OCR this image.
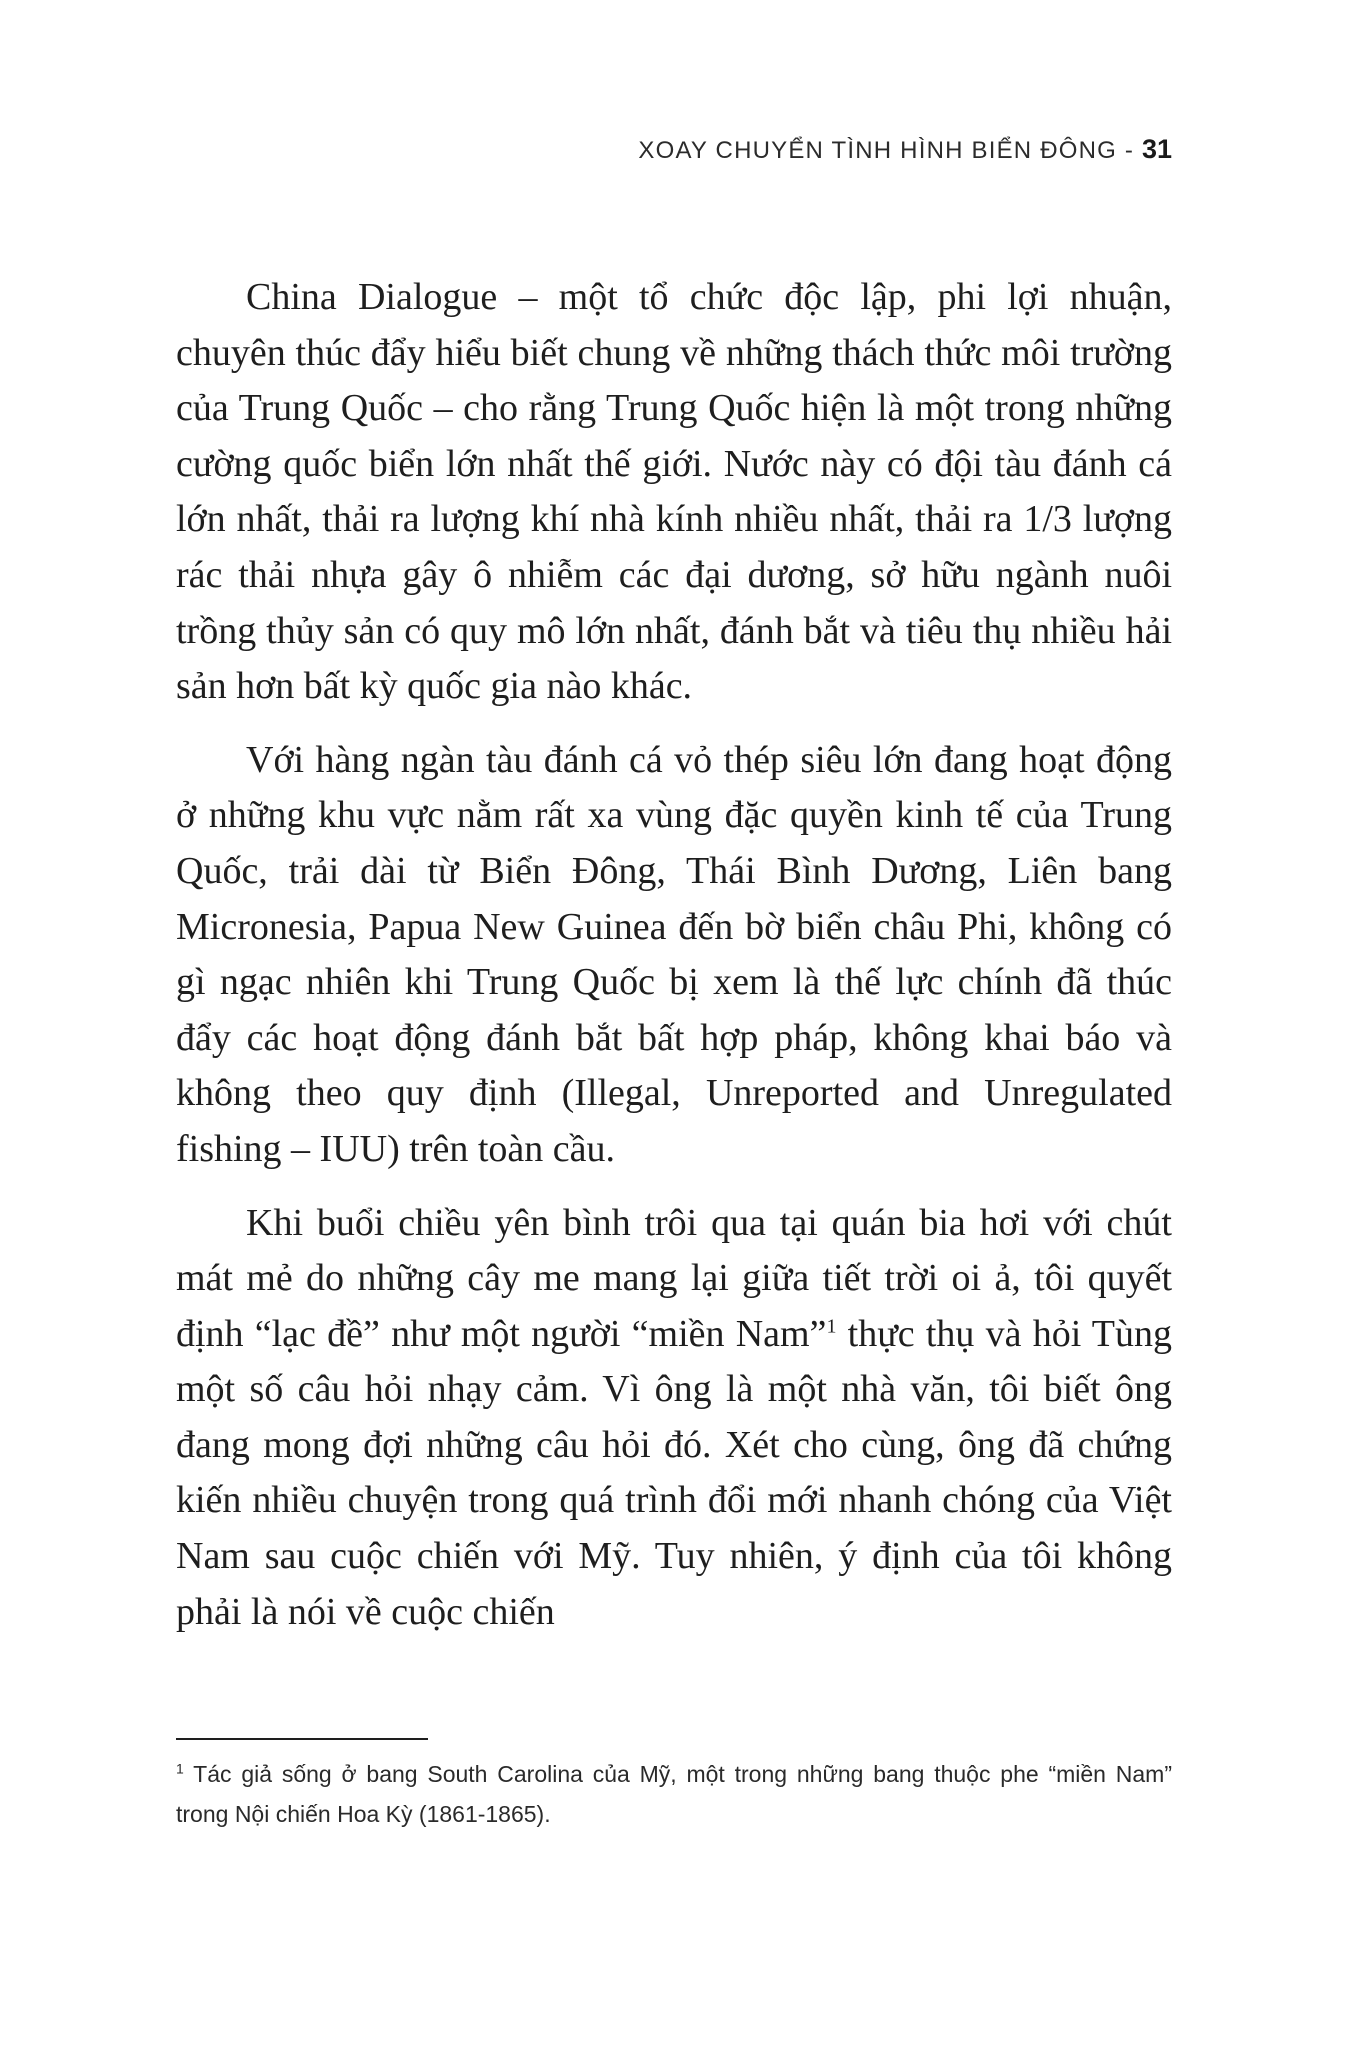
XOAY CHUYỂN TÌNH HÌNH BIỂN ĐÔNG - 31

China Dialogue – một tổ chức độc lập, phi lợi nhuận, chuyên thúc đẩy hiểu biết chung về những thách thức môi trường của Trung Quốc – cho rằng Trung Quốc hiện là một trong những cường quốc biển lớn nhất thế giới. Nước này có đội tàu đánh cá lớn nhất, thải ra lượng khí nhà kính nhiều nhất, thải ra 1/3 lượng rác thải nhựa gây ô nhiễm các đại dương, sở hữu ngành nuôi trồng thủy sản có quy mô lớn nhất, đánh bắt và tiêu thụ nhiều hải sản hơn bất kỳ quốc gia nào khác.

Với hàng ngàn tàu đánh cá vỏ thép siêu lớn đang hoạt động ở những khu vực nằm rất xa vùng đặc quyền kinh tế của Trung Quốc, trải dài từ Biển Đông, Thái Bình Dương, Liên bang Micronesia, Papua New Guinea đến bờ biển châu Phi, không có gì ngạc nhiên khi Trung Quốc bị xem là thế lực chính đã thúc đẩy các hoạt động đánh bắt bất hợp pháp, không khai báo và không theo quy định (Illegal, Unreported and Unregulated fishing – IUU) trên toàn cầu.

Khi buổi chiều yên bình trôi qua tại quán bia hơi với chút mát mẻ do những cây me mang lại giữa tiết trời oi ả, tôi quyết định “lạc đề” như một người “miền Nam”$^1$ thực thụ và hỏi Tùng một số câu hỏi nhạy cảm. Vì ông là một nhà văn, tôi biết ông đang mong đợi những câu hỏi đó. Xét cho cùng, ông đã chứng kiến nhiều chuyện trong quá trình đổi mới nhanh chóng của Việt Nam sau cuộc chiến với Mỹ. Tuy nhiên, ý định của tôi không phải là nói về cuộc chiến

$^1$ Tác giả sống ở bang South Carolina của Mỹ, một trong những bang thuộc phe “miền Nam” trong Nội chiến Hoa Kỳ (1861-1865).
